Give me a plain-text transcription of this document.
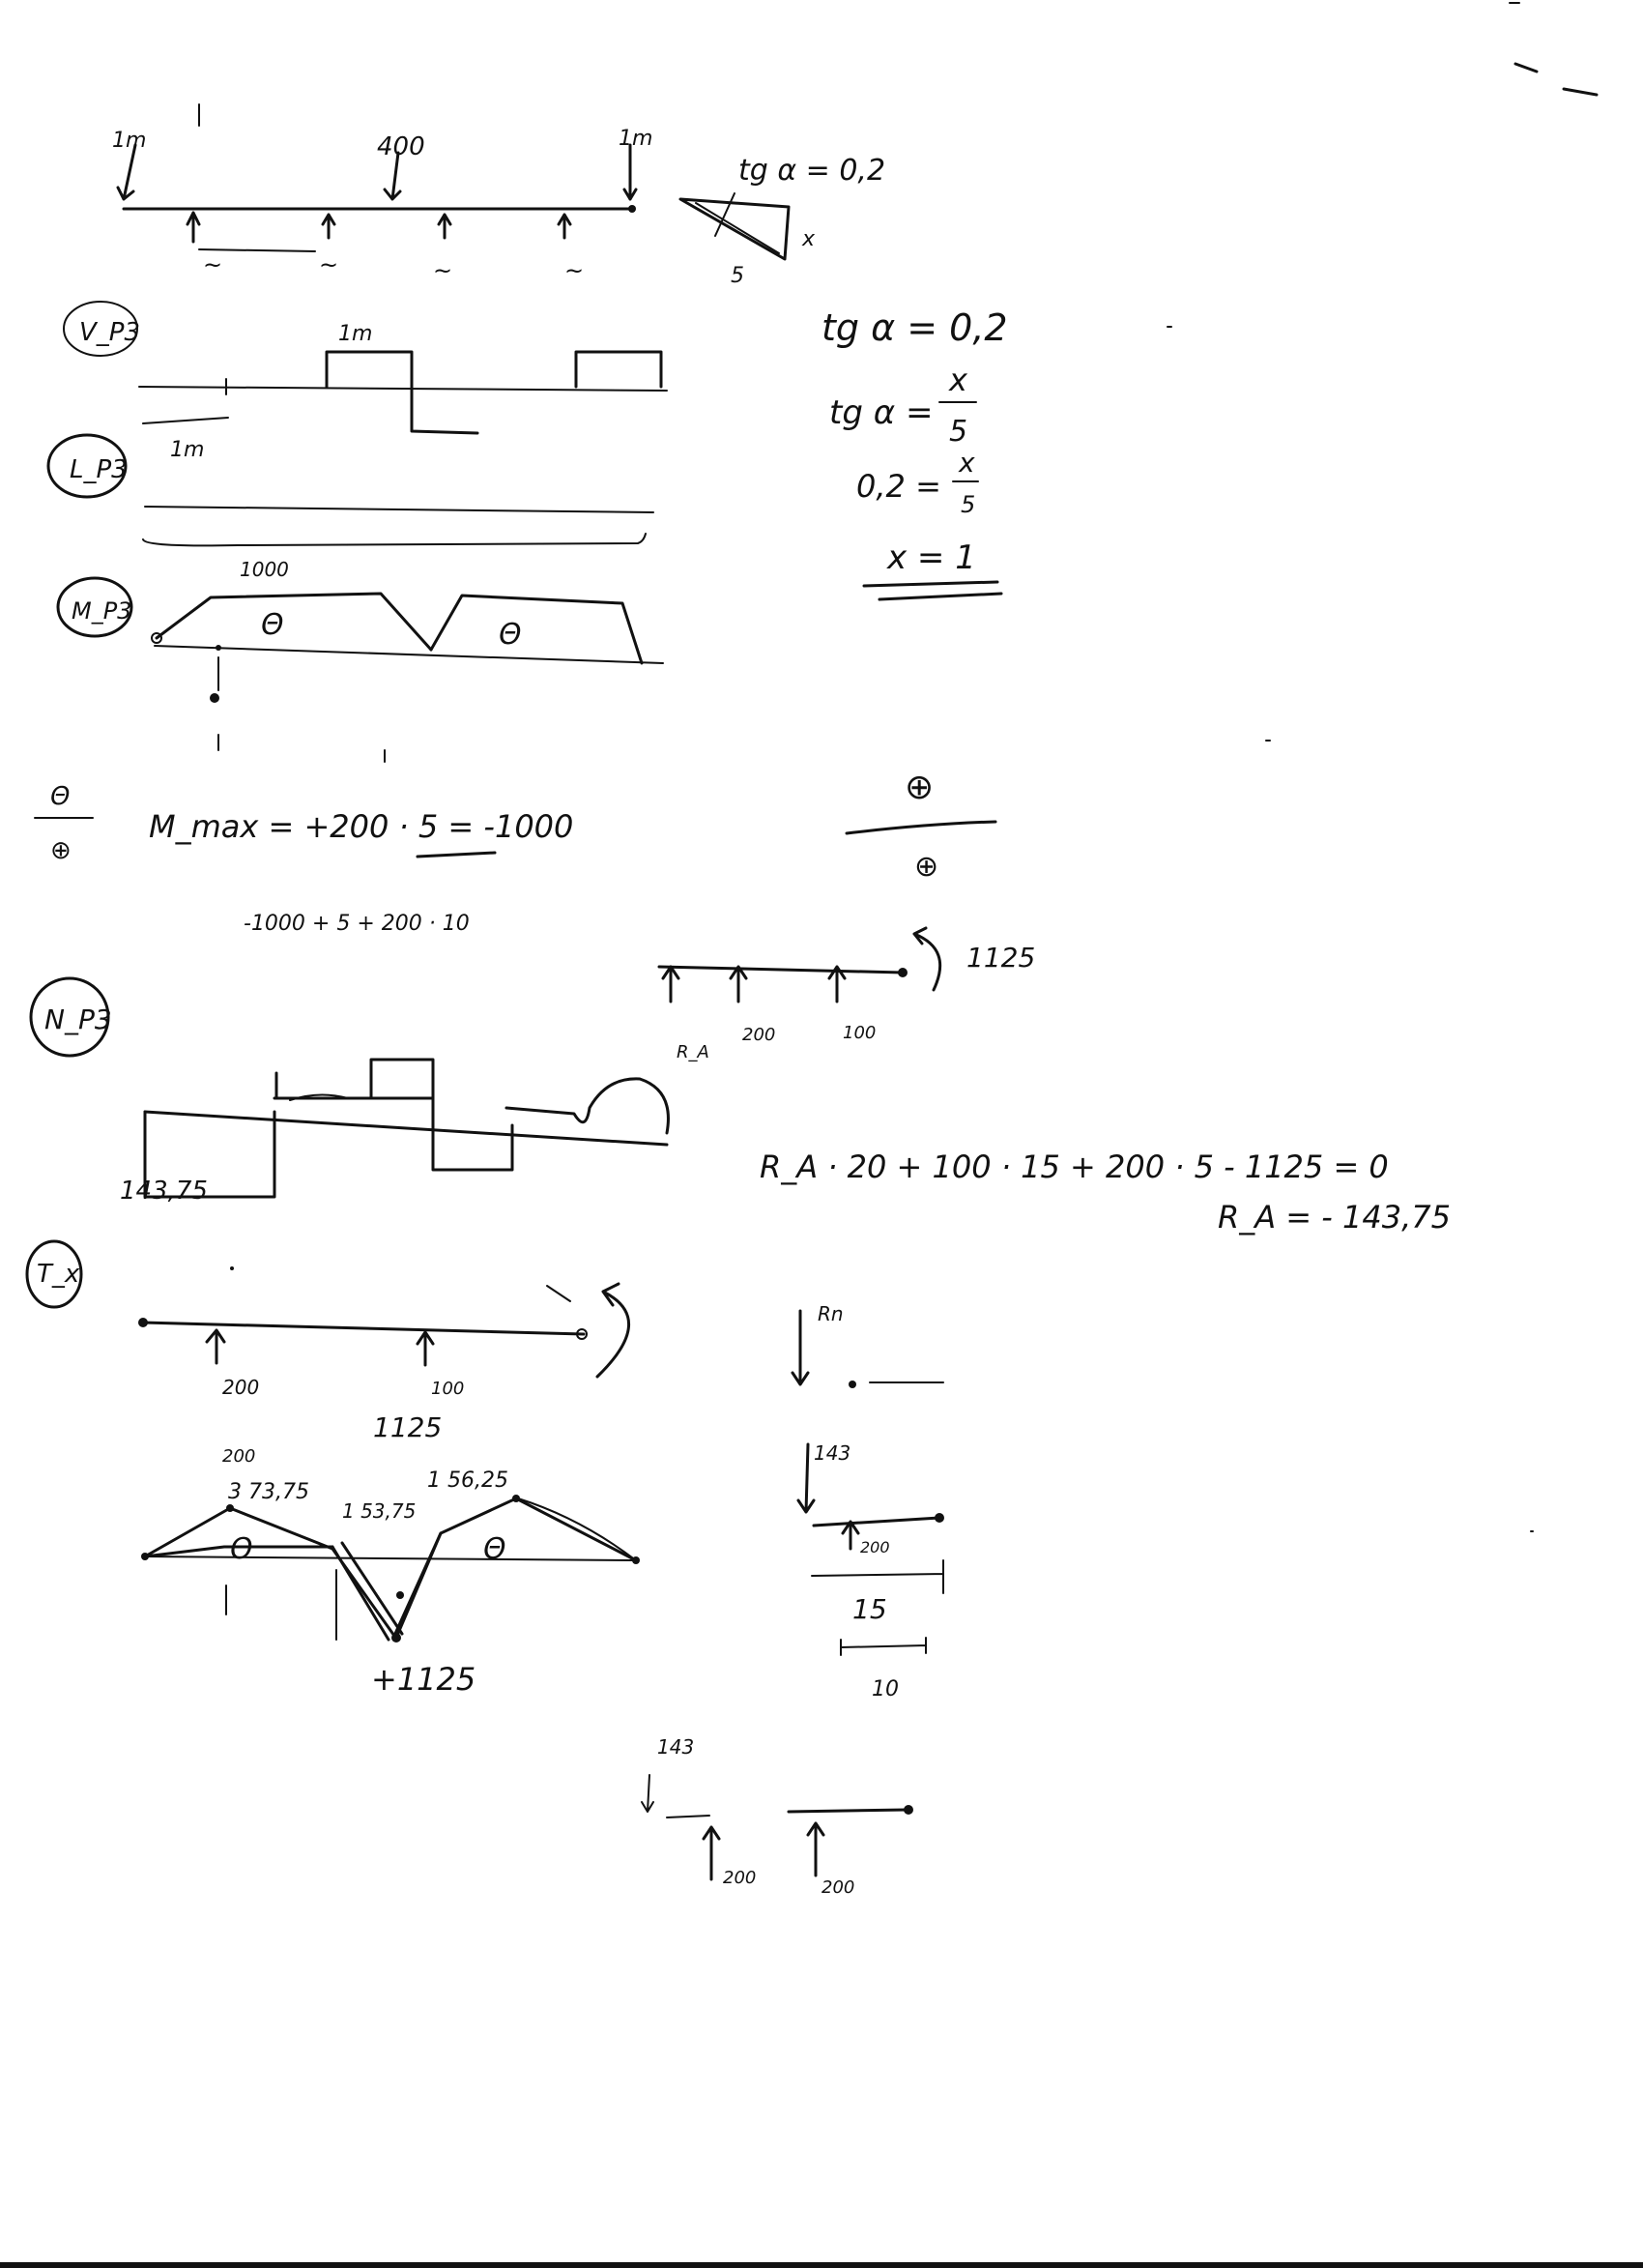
1m	400	1m
~	~	~	~
tg α = 0,2
x
5
tg α = 0,2
tg α =
x
5
0,2 =
x
5
x = 1
V_P3	1m
L_P3
1m
M_P3
1000
Θ	Θ
Θ
⊕
M_max = +200 · 5 = -1000
-1000 + 5 + 200 · 10
⊕
⊕
1125
R_A
200	100
N_P3
143,75
R_A · 20 + 100 · 15 + 200 · 5 - 1125 = 0
R_A = - 143,75
T_x
200	100
1125
200
3 73,75
1 53,75
1 56,25
Θ	Θ
+1125
Rn
143
200
15
10
143
200	200
